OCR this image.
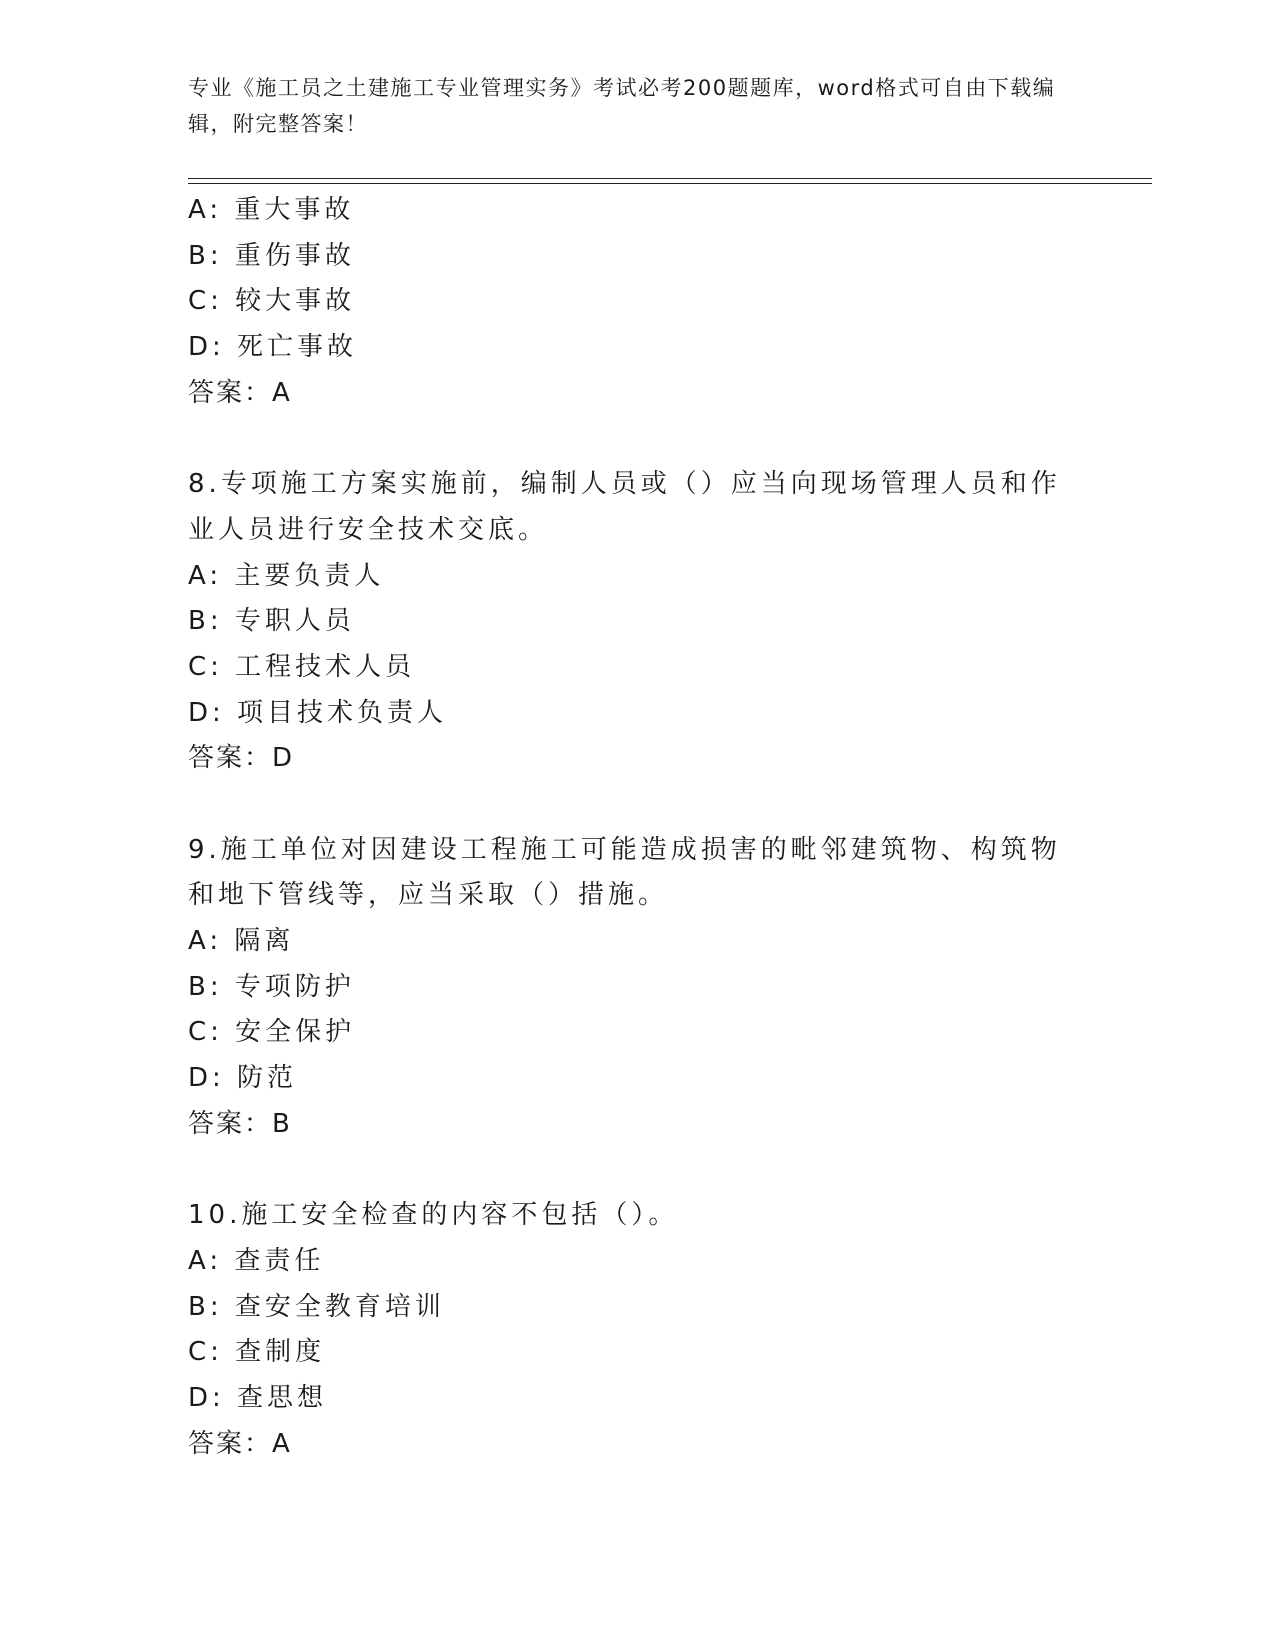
专业《施工员之土建施工专业管理实务》考试必考200题题库，word格式可自由下载编辑，附完整答案！
A: 重大事故
B: 重伤事故
C: 较大事故
D: 死亡事故
答案：A
8.专项施工方案实施前，编制人员或（）应当向现场管理人员和作业人员进行安全技术交底。
A: 主要负责人
B: 专职人员
C: 工程技术人员
D: 项目技术负责人
答案：D
9.施工单位对因建设工程施工可能造成损害的毗邻建筑物、构筑物和地下管线等，应当采取（）措施。
A: 隔离
B: 专项防护
C: 安全保护
D: 防范
答案：B
10.施工安全检查的内容不包括（）。
A: 查责任
B: 查安全教育培训
C: 查制度
D: 查思想
答案：A
